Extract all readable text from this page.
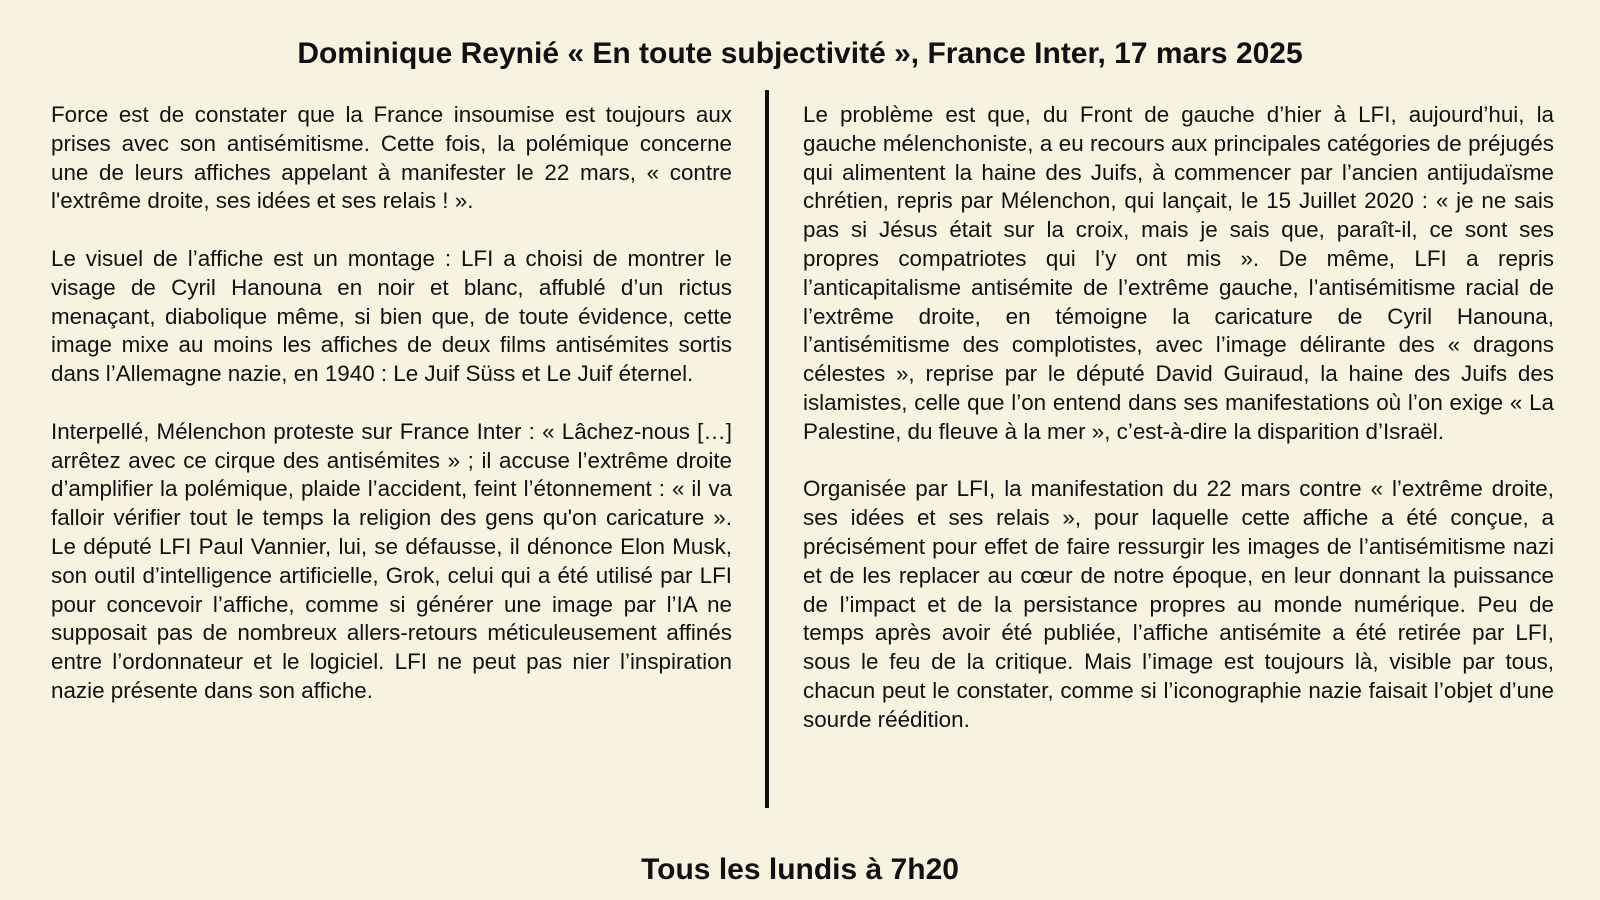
Dominique Reynié « En toute subjectivité », France Inter, 17 mars 2025

Force est de constater que la France insoumise est toujours aux prises avec son antisémitisme. Cette fois, la polémique concerne une de leurs affiches appelant à manifester le 22 mars, « contre l'extrême droite, ses idées et ses relais ! ».

Le visuel de l’affiche est un montage : LFI a choisi de montrer le visage de Cyril Hanouna en noir et blanc, affublé d’un rictus menaçant, diabolique même, si bien que, de toute évidence, cette image mixe au moins les affiches de deux films antisémites sortis dans l’Allemagne nazie, en 1940 : Le Juif Süss et Le Juif éternel.

Interpellé, Mélenchon proteste sur France Inter : « Lâchez-nous […] arrêtez avec ce cirque des antisémites » ; il accuse l’extrême droite d’amplifier la polémique, plaide l’accident, feint l’étonnement : « il va falloir vérifier tout le temps la religion des gens qu'on caricature ». Le député LFI Paul Vannier, lui, se défausse, il dénonce Elon Musk, son outil d’intelligence artificielle, Grok, celui qui a été utilisé par LFI pour concevoir l’affiche, comme si générer une image par l’IA ne supposait pas de nombreux allers-retours méticuleusement affinés entre l’ordonnateur et le logiciel. LFI ne peut pas nier l’inspiration nazie présente dans son affiche.

Le problème est que, du Front de gauche d’hier à LFI, aujourd’hui, la gauche mélenchoniste, a eu recours aux principales catégories de préjugés qui alimentent la haine des Juifs, à commencer par l’ancien antijudaïsme chrétien, repris par Mélenchon, qui lançait, le 15 Juillet 2020 : « je ne sais pas si Jésus était sur la croix, mais je sais que, paraît-il, ce sont ses propres compatriotes qui l’y ont mis ». De même, LFI a repris l’anticapitalisme antisémite de l’extrême gauche, l’antisémitisme racial de l’extrême droite, en témoigne la caricature de Cyril Hanouna, l’antisémitisme des complotistes, avec l’image délirante des « dragons célestes », reprise par le député David Guiraud, la haine des Juifs des islamistes, celle que l’on entend dans ses manifestations où l’on exige « La Palestine, du fleuve à la mer », c’est-à-dire la disparition d’Israël.

Organisée par LFI, la manifestation du 22 mars contre « l’extrême droite, ses idées et ses relais », pour laquelle cette affiche a été conçue, a précisément pour effet de faire ressurgir les images de l’antisémitisme nazi et de les replacer au cœur de notre époque, en leur donnant la puissance de l’impact et de la persistance propres au monde numérique. Peu de temps après avoir été publiée, l’affiche antisémite a été retirée par LFI, sous le feu de la critique. Mais l’image est toujours là, visible par tous, chacun peut le constater, comme si l’iconographie nazie faisait l’objet d’une sourde réédition.

Tous les lundis à 7h20
